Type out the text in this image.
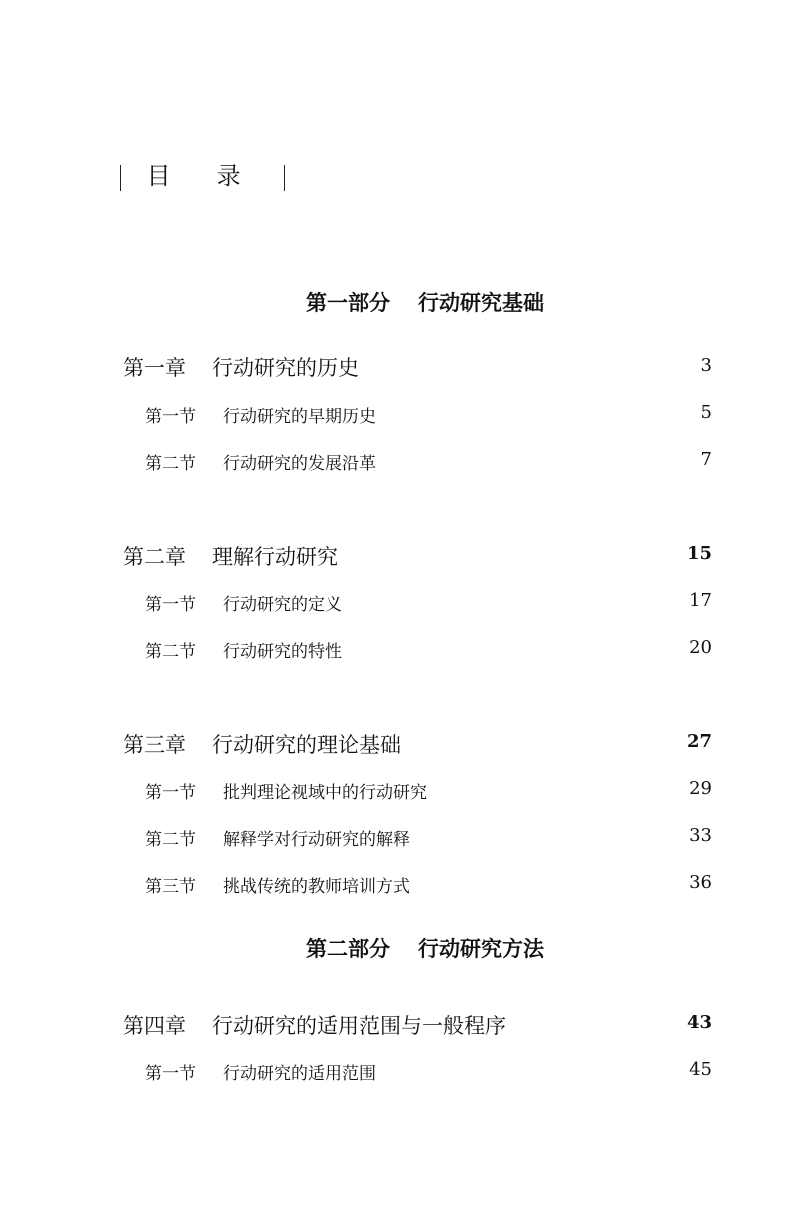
目 录
第一部分 行动研究基础
第一章 行动研究的历史	3
第一节 行动研究的早期历史	5
第二节 行动研究的发展沿革	7
第二章 理解行动研究	15
第一节 行动研究的定义	17
第二节 行动研究的特性	20
第三章 行动研究的理论基础	27
第一节 批判理论视域中的行动研究	29
第二节 解释学对行动研究的解释	33
第三节 挑战传统的教师培训方式	36
第二部分 行动研究方法
第四章 行动研究的适用范围与一般程序	43
第一节 行动研究的适用范围	45
